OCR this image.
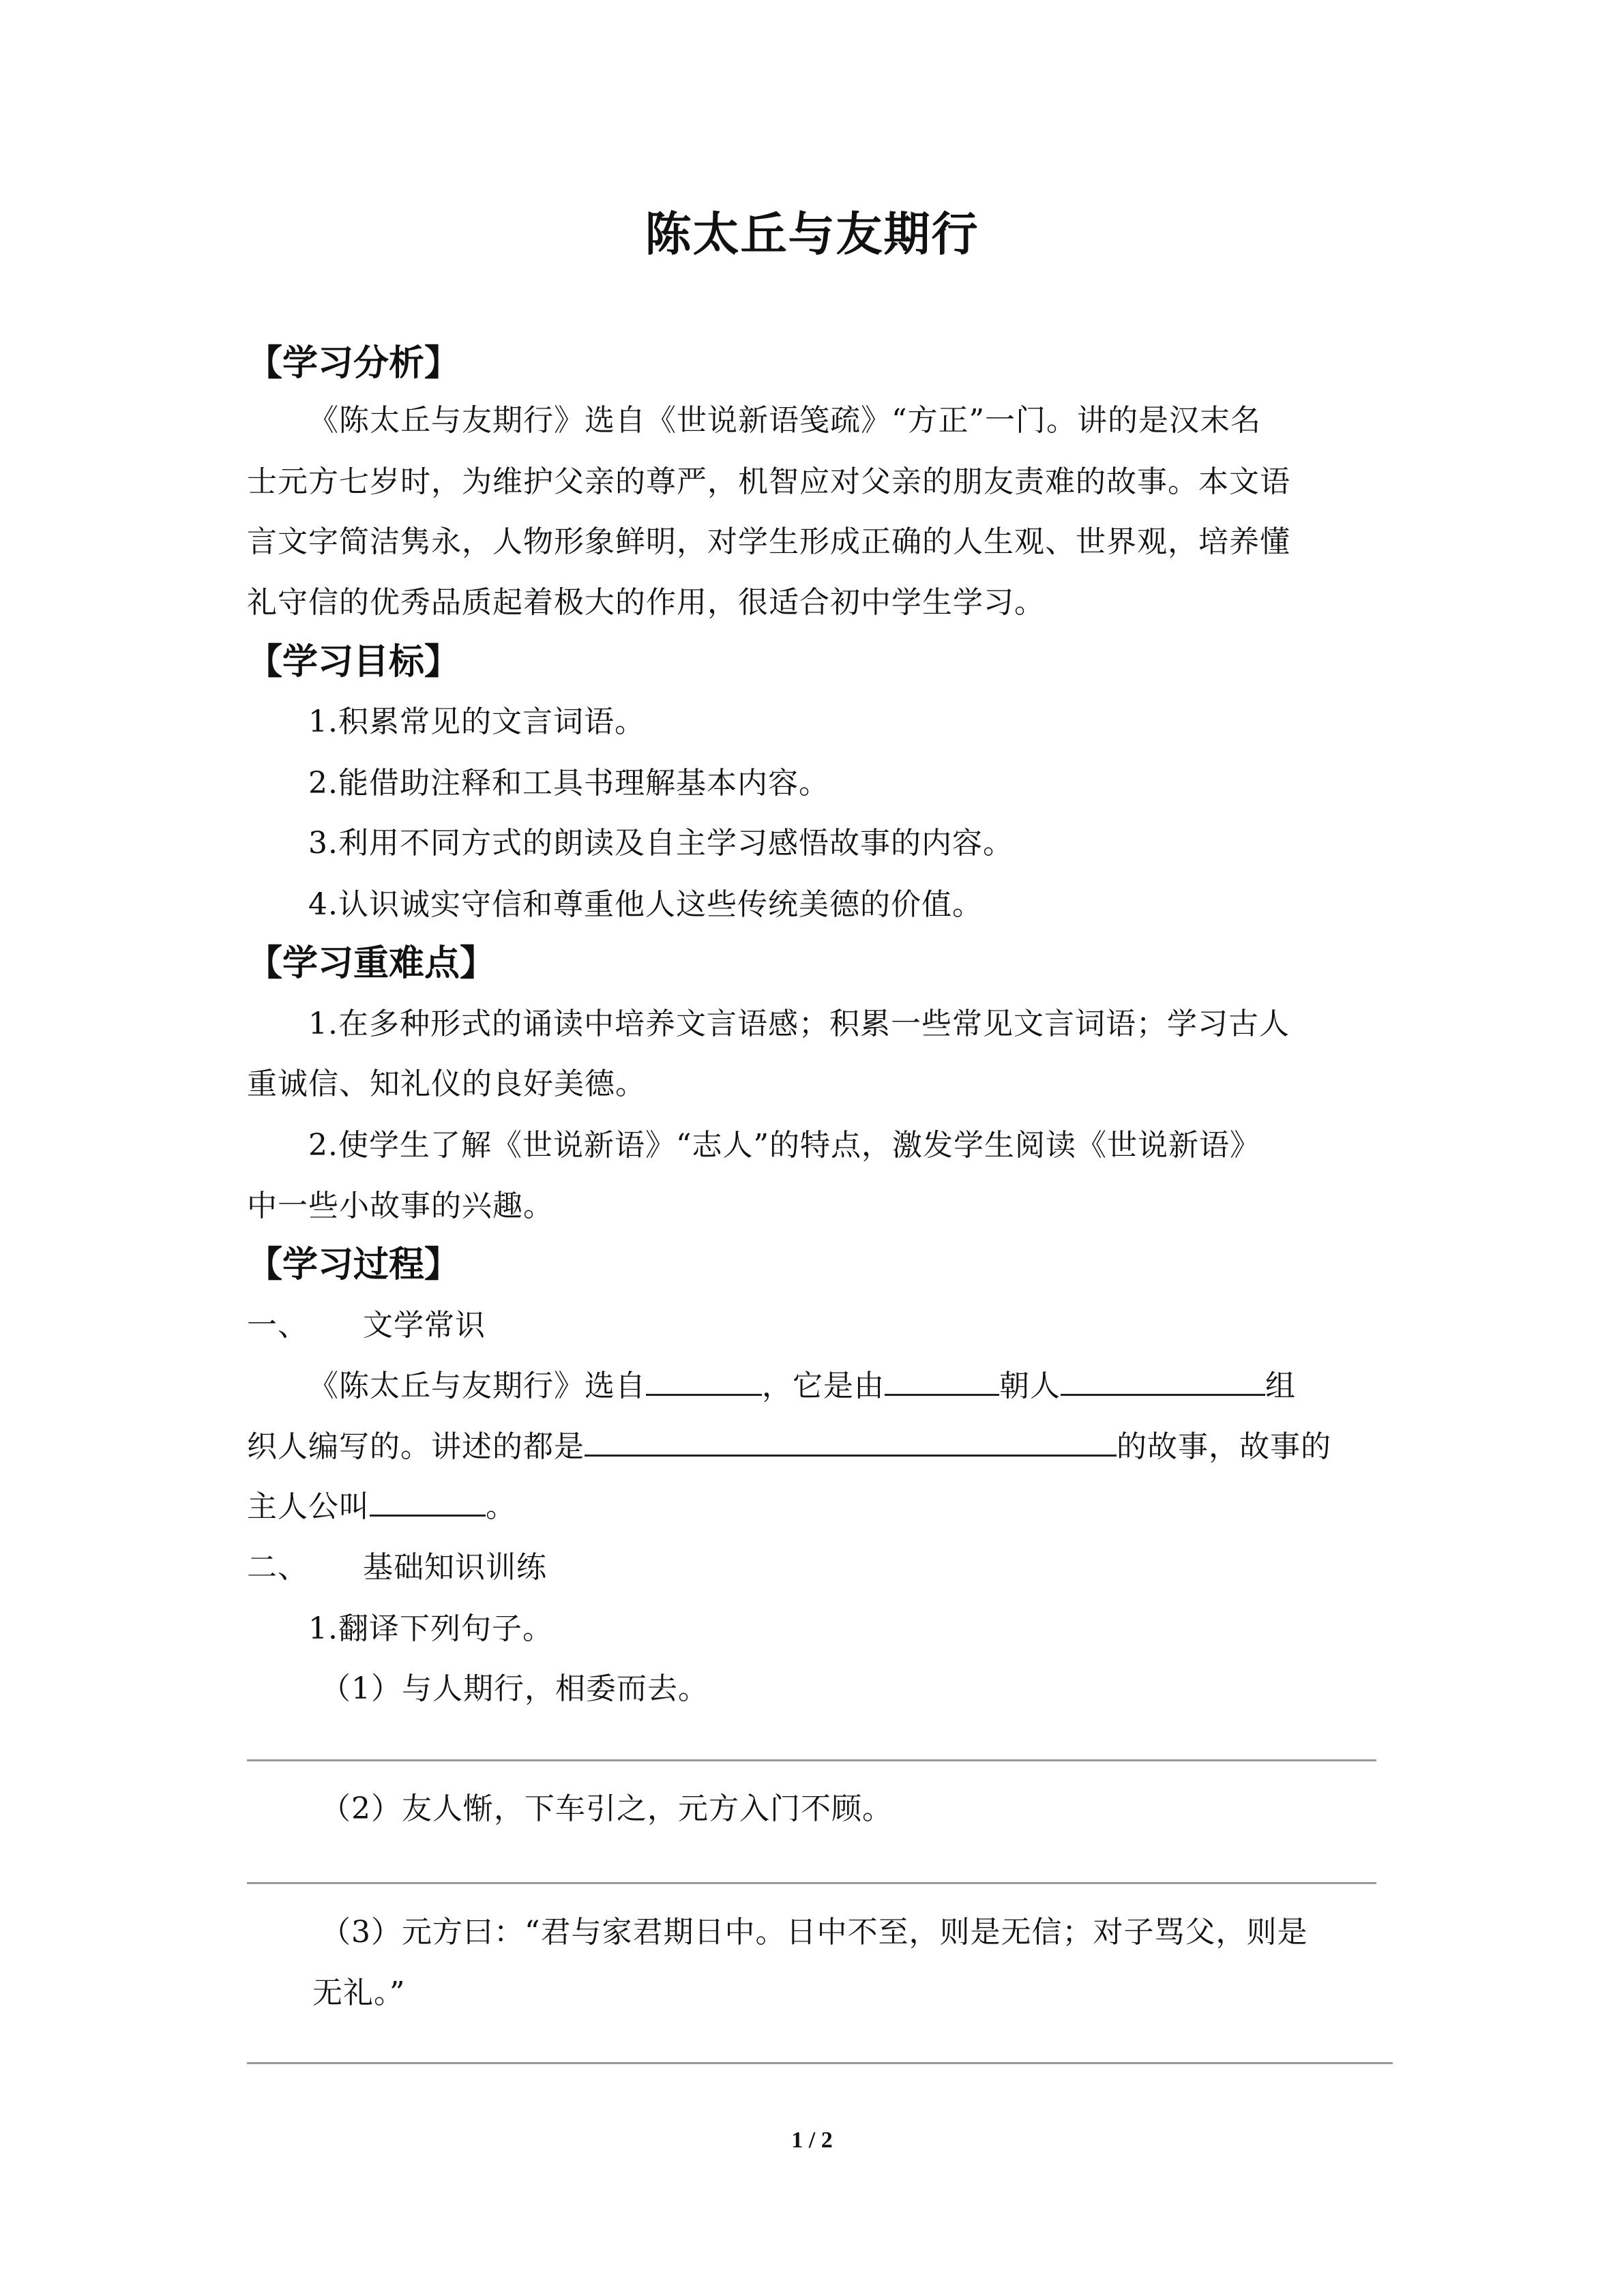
陈太丘与友期行
【学习分析】
《陈太丘与友期行》选自《世说新语笺疏》“方正”一门。讲的是汉末名
士元方七岁时，为维护父亲的尊严，机智应对父亲的朋友责难的故事。本文语
言文字简洁隽永，人物形象鲜明，对学生形成正确的人生观、世界观，培养懂
礼守信的优秀品质起着极大的作用，很适合初中学生学习。
【学习目标】
1.积累常见的文言词语。
2.能借助注释和工具书理解基本内容。
3.利用不同方式的朗读及自主学习感悟故事的内容。
4.认识诚实守信和尊重他人这些传统美德的价值。
【学习重难点】
1.在多种形式的诵读中培养文言语感；积累一些常见文言词语；学习古人
重诚信、知礼仪的良好美德。
2.使学生了解《世说新语》“志人”的特点，激发学生阅读《世说新语》
中一些小故事的兴趣。
【学习过程】
一、 文学常识
《陈太丘与友期行》选自	，它是由	朝人	组
织人编写的。讲述的都是	的故事，故事的
主人公叫	。
二、 基础知识训练
1.翻译下列句子。
（1）与人期行，相委而去。
（2）友人惭，下车引之，元方入门不顾。
（3）元方曰：“君与家君期日中。日中不至，则是无信；对子骂父，则是
无礼。”
1 / 2
